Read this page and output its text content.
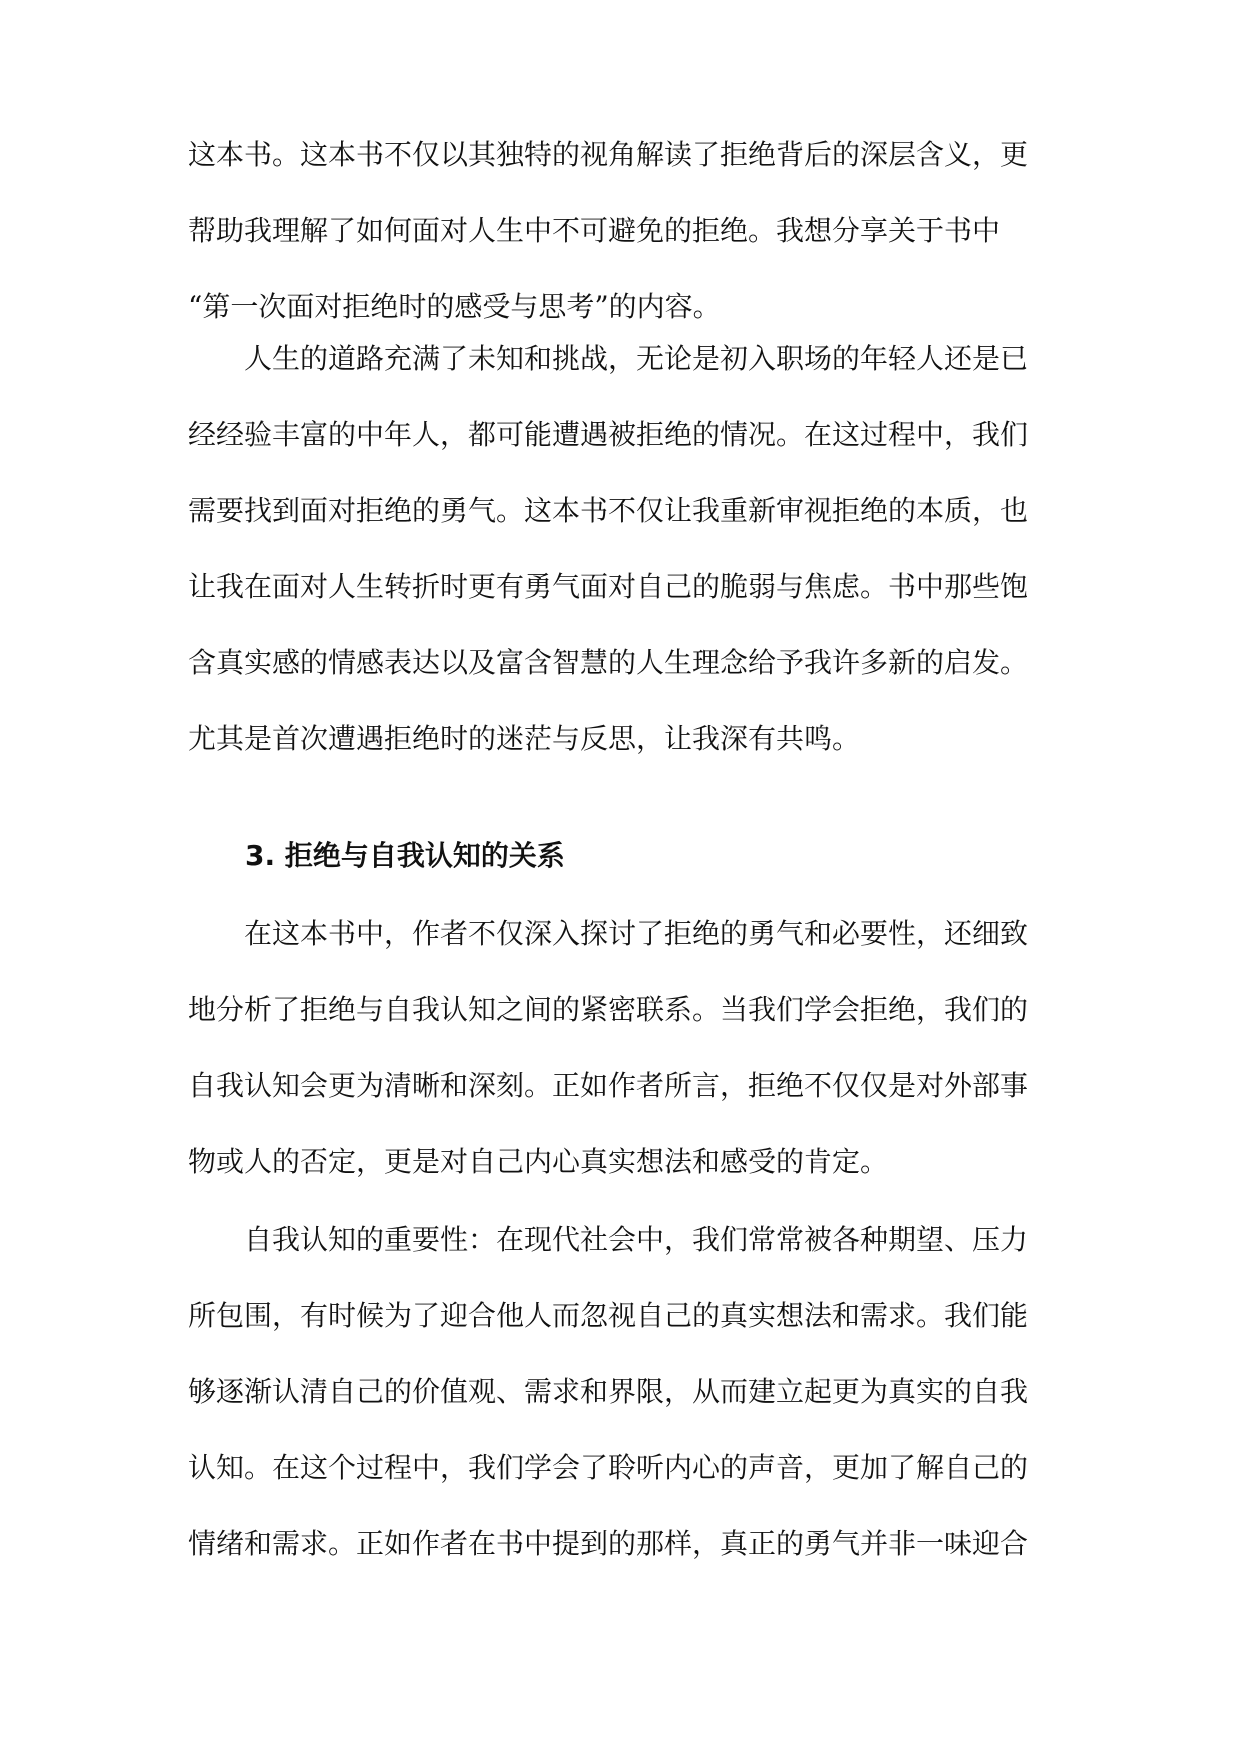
这本书。这本书不仅以其独特的视角解读了拒绝背后的深层含义，更
帮助我理解了如何面对人生中不可避免的拒绝。我想分享关于书中
“第一次面对拒绝时的感受与思考”的内容。
　　人生的道路充满了未知和挑战，无论是初入职场的年轻人还是已
经经验丰富的中年人，都可能遭遇被拒绝的情况。在这过程中，我们
需要找到面对拒绝的勇气。这本书不仅让我重新审视拒绝的本质，也
让我在面对人生转折时更有勇气面对自己的脆弱与焦虑。书中那些饱
含真实感的情感表达以及富含智慧的人生理念给予我许多新的启发。
尤其是首次遭遇拒绝时的迷茫与反思，让我深有共鸣。
3. 拒绝与自我认知的关系
　　在这本书中，作者不仅深入探讨了拒绝的勇气和必要性，还细致
地分析了拒绝与自我认知之间的紧密联系。当我们学会拒绝，我们的
自我认知会更为清晰和深刻。正如作者所言，拒绝不仅仅是对外部事
物或人的否定，更是对自己内心真实想法和感受的肯定。
　　自我认知的重要性：在现代社会中，我们常常被各种期望、压力
所包围，有时候为了迎合他人而忽视自己的真实想法和需求。我们能
够逐渐认清自己的价值观、需求和界限，从而建立起更为真实的自我
认知。在这个过程中，我们学会了聆听内心的声音，更加了解自己的
情绪和需求。正如作者在书中提到的那样，真正的勇气并非一味迎合
